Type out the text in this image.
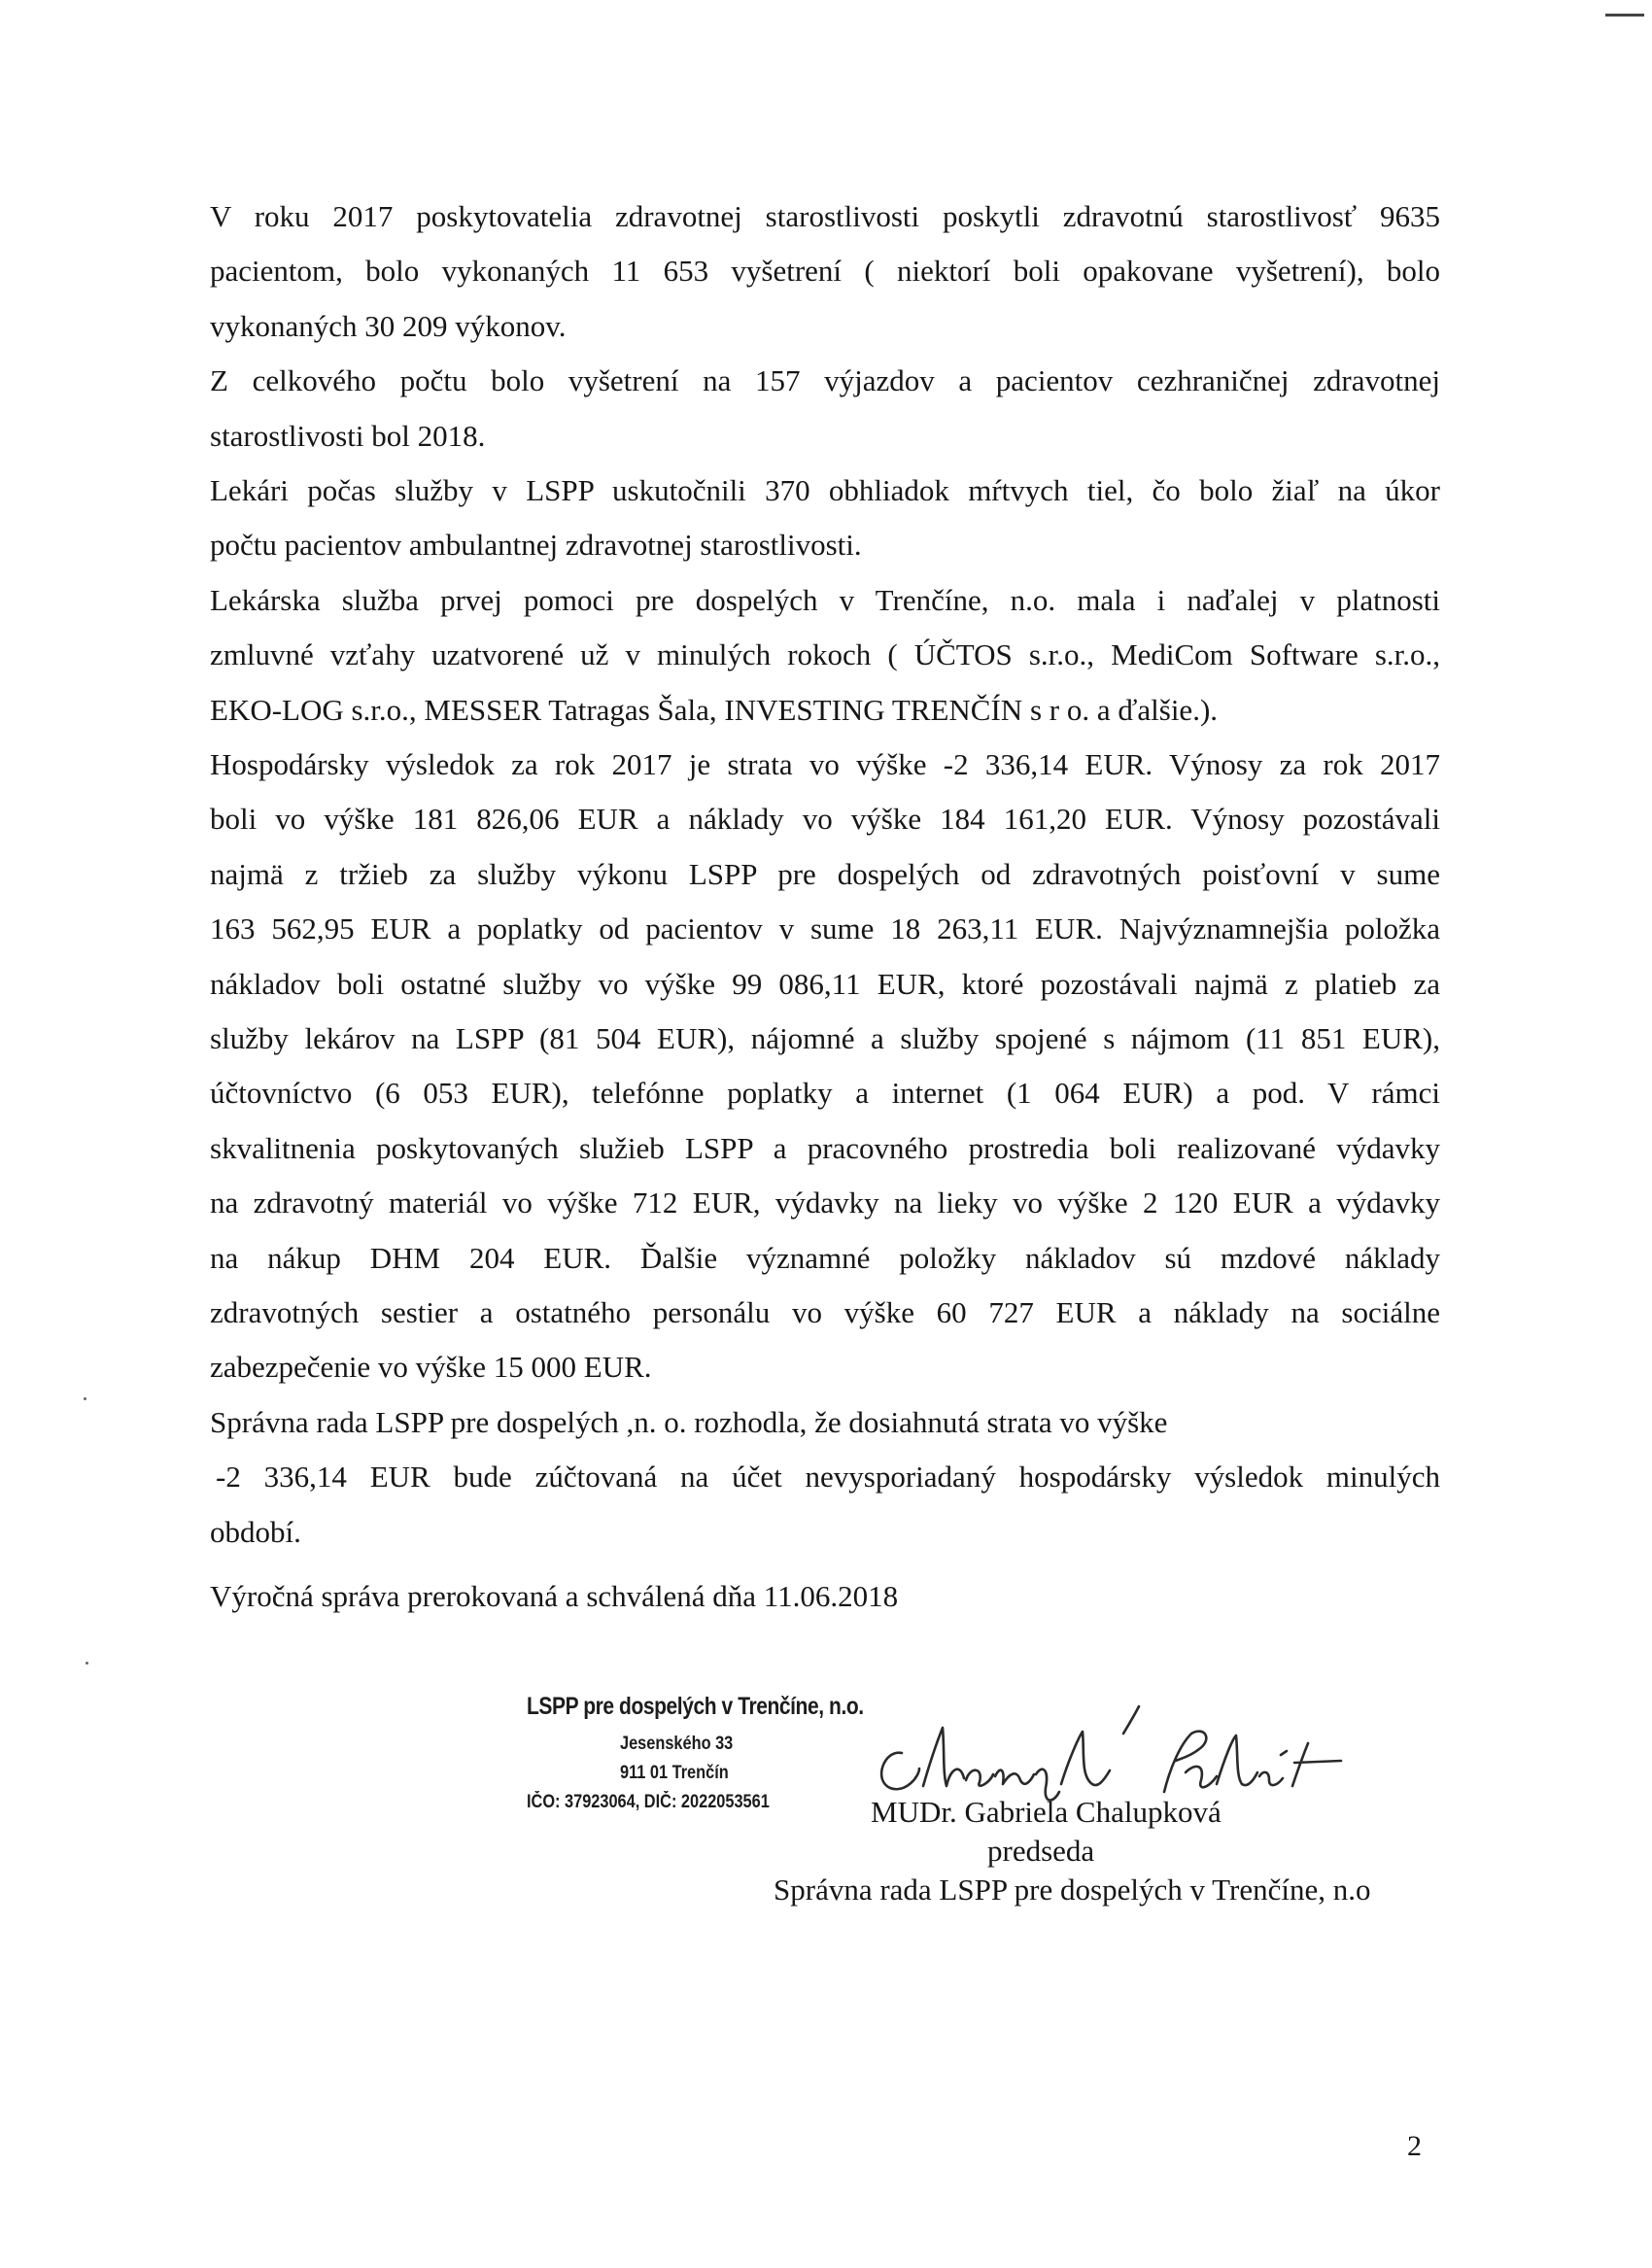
V roku 2017 poskytovatelia zdravotnej starostlivosti poskytli zdravotnú starostlivosť 9635
pacientom, bolo vykonaných 11 653 vyšetrení ( niektorí boli opakovane vyšetrení), bolo
vykonaných 30 209 výkonov.
Z celkového počtu bolo vyšetrení na 157 výjazdov a pacientov cezhraničnej zdravotnej
starostlivosti bol 2018.
Lekári počas služby v LSPP uskutočnili 370 obhliadok mŕtvych tiel, čo bolo žiaľ na úkor
počtu pacientov ambulantnej zdravotnej starostlivosti.
Lekárska služba prvej pomoci pre dospelých v Trenčíne, n.o. mala i naďalej v platnosti
zmluvné vzťahy uzatvorené už v minulých rokoch ( ÚČTOS s.r.o., MediCom Software s.r.o.,
EKO-LOG s.r.o., MESSER Tatragas Šala, INVESTING TRENČÍN s r o. a ďalšie.).
Hospodársky výsledok za rok 2017 je strata vo výške -2 336,14 EUR. Výnosy za rok 2017
boli vo výške 181 826,06 EUR a náklady vo výške 184 161,20 EUR. Výnosy pozostávali
najmä z tržieb za služby výkonu LSPP pre dospelých od zdravotných poisťovní v sume
163 562,95 EUR a poplatky od pacientov v sume 18 263,11 EUR. Najvýznamnejšia položka
nákladov boli ostatné služby vo výške 99 086,11 EUR, ktoré pozostávali najmä z platieb za
služby lekárov na LSPP (81 504 EUR), nájomné a služby spojené s nájmom (11 851 EUR),
účtovníctvo (6 053 EUR), telefónne poplatky a internet (1 064 EUR) a pod. V rámci
skvalitnenia poskytovaných služieb LSPP a pracovného prostredia boli realizované výdavky
na zdravotný materiál vo výške 712 EUR, výdavky na lieky vo výške 2 120 EUR a výdavky
na nákup DHM 204 EUR. Ďalšie významné položky nákladov sú mzdové náklady
zdravotných sestier a ostatného personálu vo výške 60 727 EUR a náklady na sociálne
zabezpečenie vo výške 15 000 EUR.
Správna rada LSPP pre dospelých ,n. o. rozhodla, že dosiahnutá strata vo výške
-2 336,14 EUR bude zúčtovaná na účet nevysporiadaný hospodársky výsledok minulých
období.
Výročná správa prerokovaná a schválená dňa 11.06.2018
LSPP pre dospelých v Trenčíne, n.o.
Jesenského 33
911 01 Trenčín
IČO: 37923064, DIČ: 2022053561	MUDr. Gabriela Chalupková
predseda
Správna rada LSPP pre dospelých v Trenčíne, n.o
2
